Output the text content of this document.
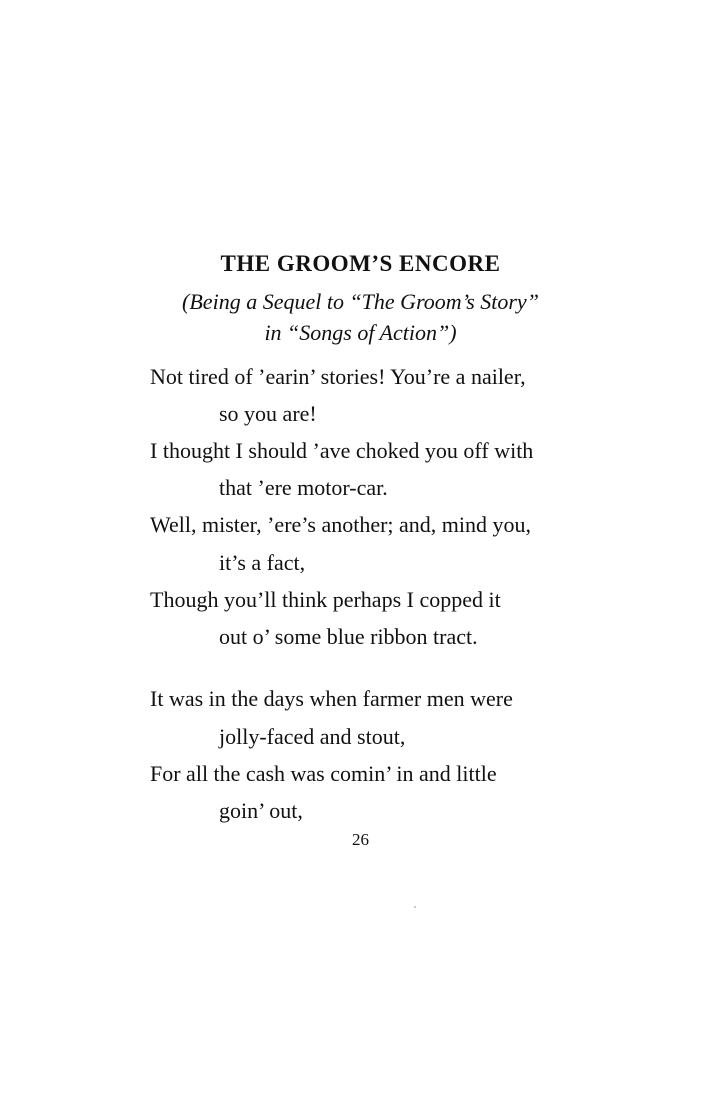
THE GROOM’S ENCORE

(Being a Sequel to “The Groom’s Story”

in “Songs of Action”)

Not tired of ’earin’ stories! You’re a nailer,

so you are!

I thought I should ’ave choked you off with

that ’ere motor-car.

Well, mister, ’ere’s another; and, mind you,

it’s a fact,

Though you’ll think perhaps I copped it

out o’ some blue ribbon tract.

It was in the days when farmer men were

jolly-faced and stout,

For all the cash was comin’ in and little

goin’ out,

26
